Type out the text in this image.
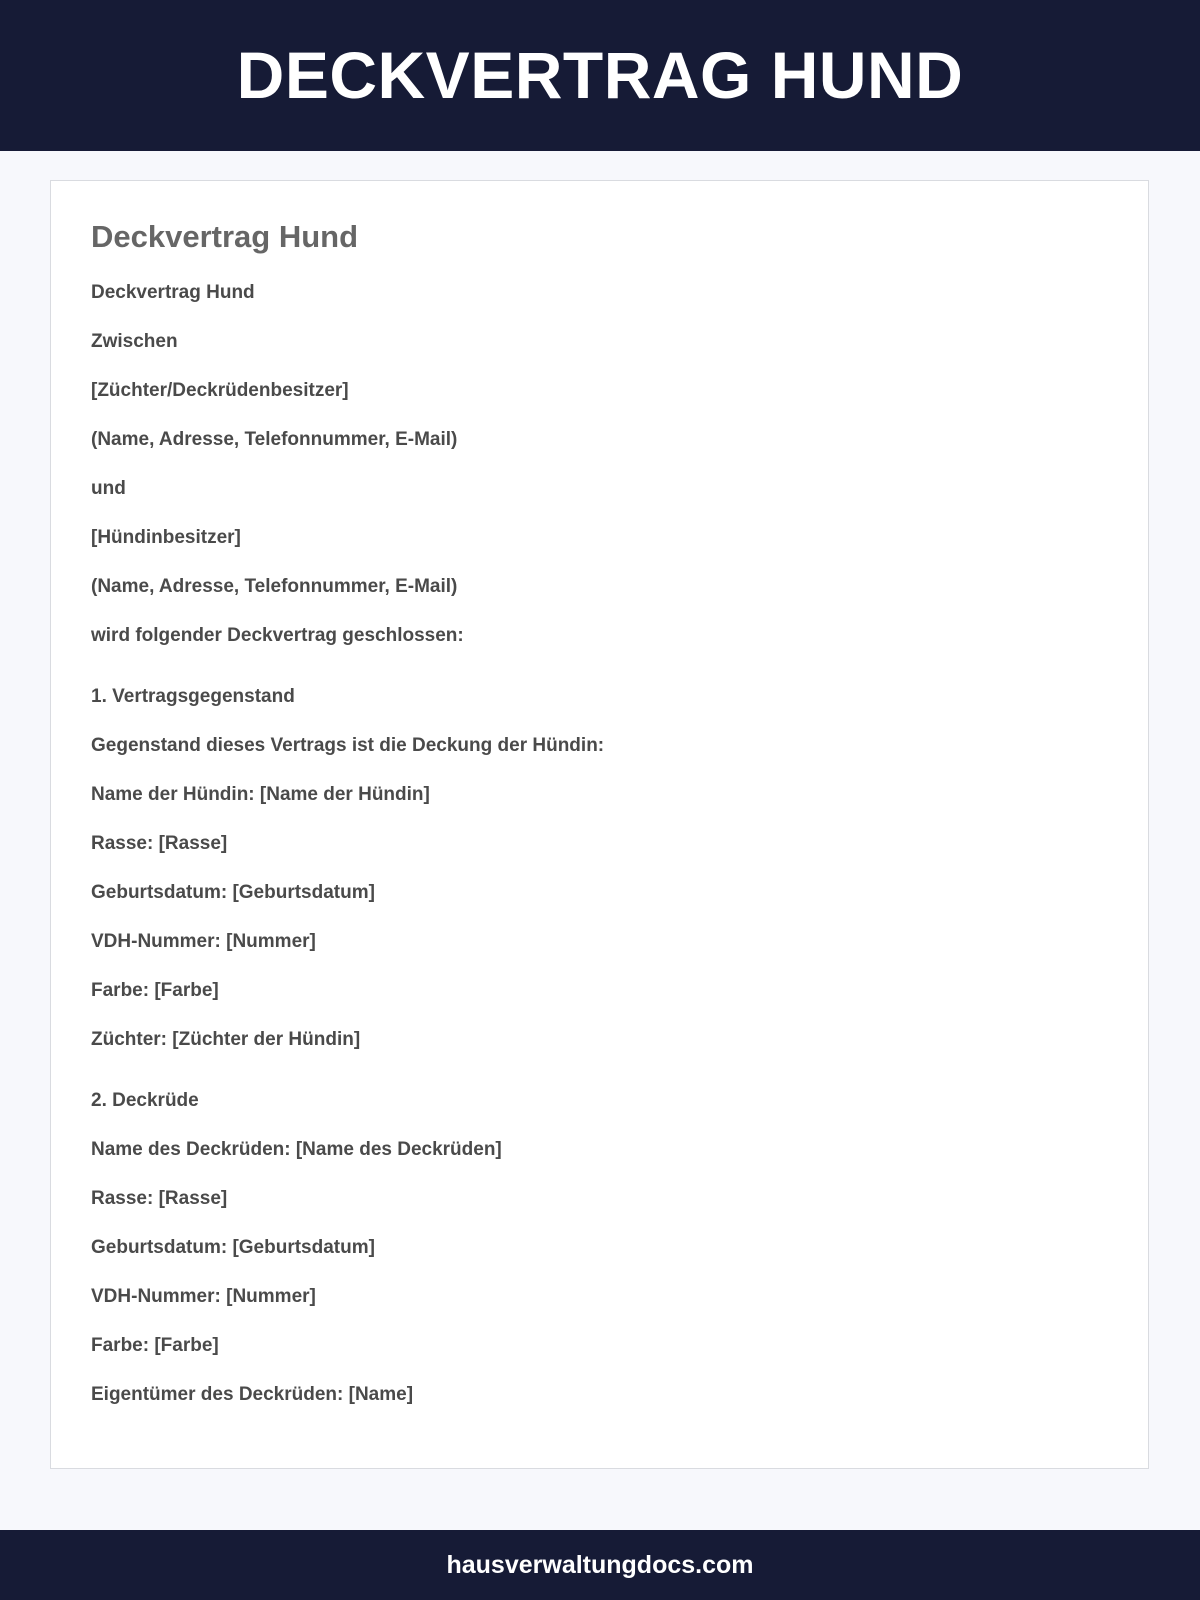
DECKVERTRAG HUND
Deckvertrag Hund

Deckvertrag Hund

Zwischen

[Züchter/Deckrüdenbesitzer]

(Name, Adresse, Telefonnummer, E-Mail)

und

[Hündinbesitzer]

(Name, Adresse, Telefonnummer, E-Mail)

wird folgender Deckvertrag geschlossen:

1. Vertragsgegenstand

Gegenstand dieses Vertrags ist die Deckung der Hündin:

Name der Hündin: [Name der Hündin]

Rasse: [Rasse]

Geburtsdatum: [Geburtsdatum]

VDH-Nummer: [Nummer]

Farbe: [Farbe]

Züchter: [Züchter der Hündin]

2. Deckrüde

Name des Deckrüden: [Name des Deckrüden]

Rasse: [Rasse]

Geburtsdatum: [Geburtsdatum]

VDH-Nummer: [Nummer]

Farbe: [Farbe]

Eigentümer des Deckrüden: [Name]

hausverwaltungdocs.com
